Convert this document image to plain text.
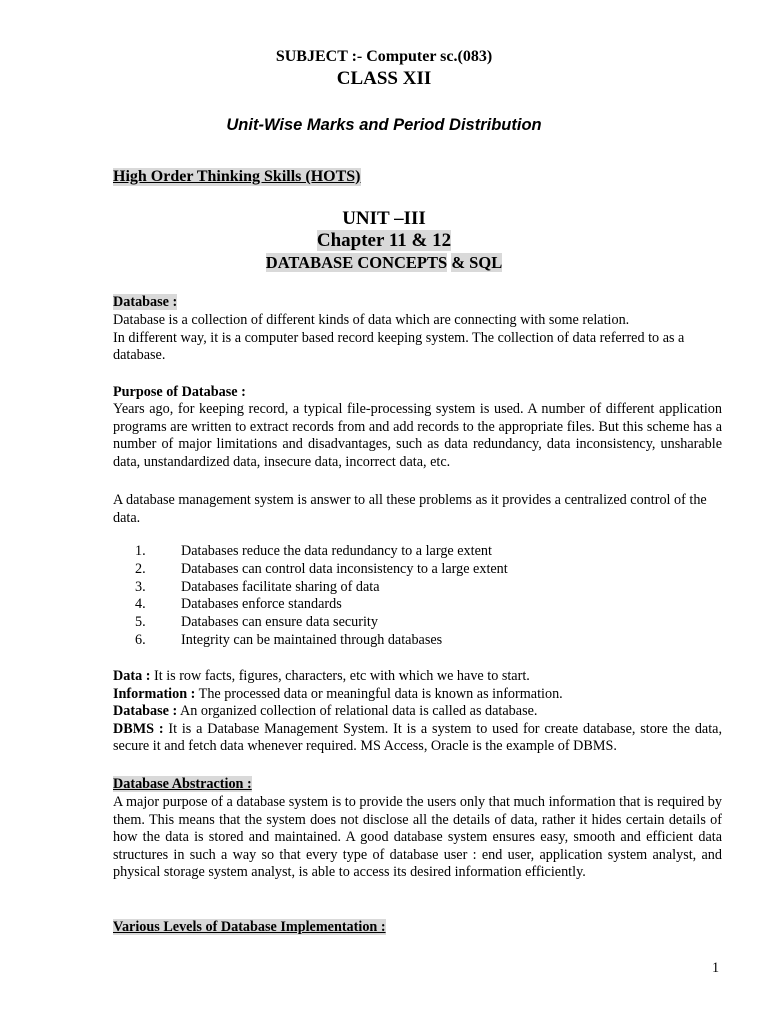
SUBJECT :- Computer sc.(083)
CLASS XII
Unit-Wise Marks and Period Distribution
High Order Thinking Skills (HOTS)
UNIT –III
Chapter 11 & 12
DATABASE CONCEPTS & SQL
Database :
Database is a collection of different kinds of data which are connecting with some relation.
In different way, it is a computer based record keeping system. The collection of data referred to as a database.
Purpose of Database :
Years ago, for keeping record, a typical file-processing system is used. A number of different application programs are written to extract records from and add records to the appropriate files. But this scheme has a number of major limitations and disadvantages, such as data redundancy, data inconsistency, unsharable data, unstandardized data, insecure data, incorrect data, etc.
A database management system is answer to all these problems as it provides a centralized control of the data.
1.	Databases reduce the data redundancy to a large extent
2.	Databases can control data inconsistency to a large extent
3.	Databases facilitate sharing of data
4.	Databases enforce standards
5.	Databases can ensure data security
6.	Integrity can be maintained through databases
Data : It is row facts, figures, characters, etc with which we have to start.
Information : The processed data or meaningful data is known as information.
Database : An organized collection of relational data is called as database.
DBMS : It is a Database Management System. It is a system to used for create database, store the data, secure it and fetch data whenever required. MS Access, Oracle is the example of DBMS.
Database Abstraction :
A major purpose of a database system is to provide the users only that much information that is required by them. This means that the system does not disclose all the details of data, rather it hides certain details of how the data is stored and maintained. A good database system ensures easy, smooth and efficient data structures in such a way so that every type of database user : end user, application system analyst, and physical storage system analyst, is able to access its desired information efficiently.
Various Levels of Database Implementation :
1
